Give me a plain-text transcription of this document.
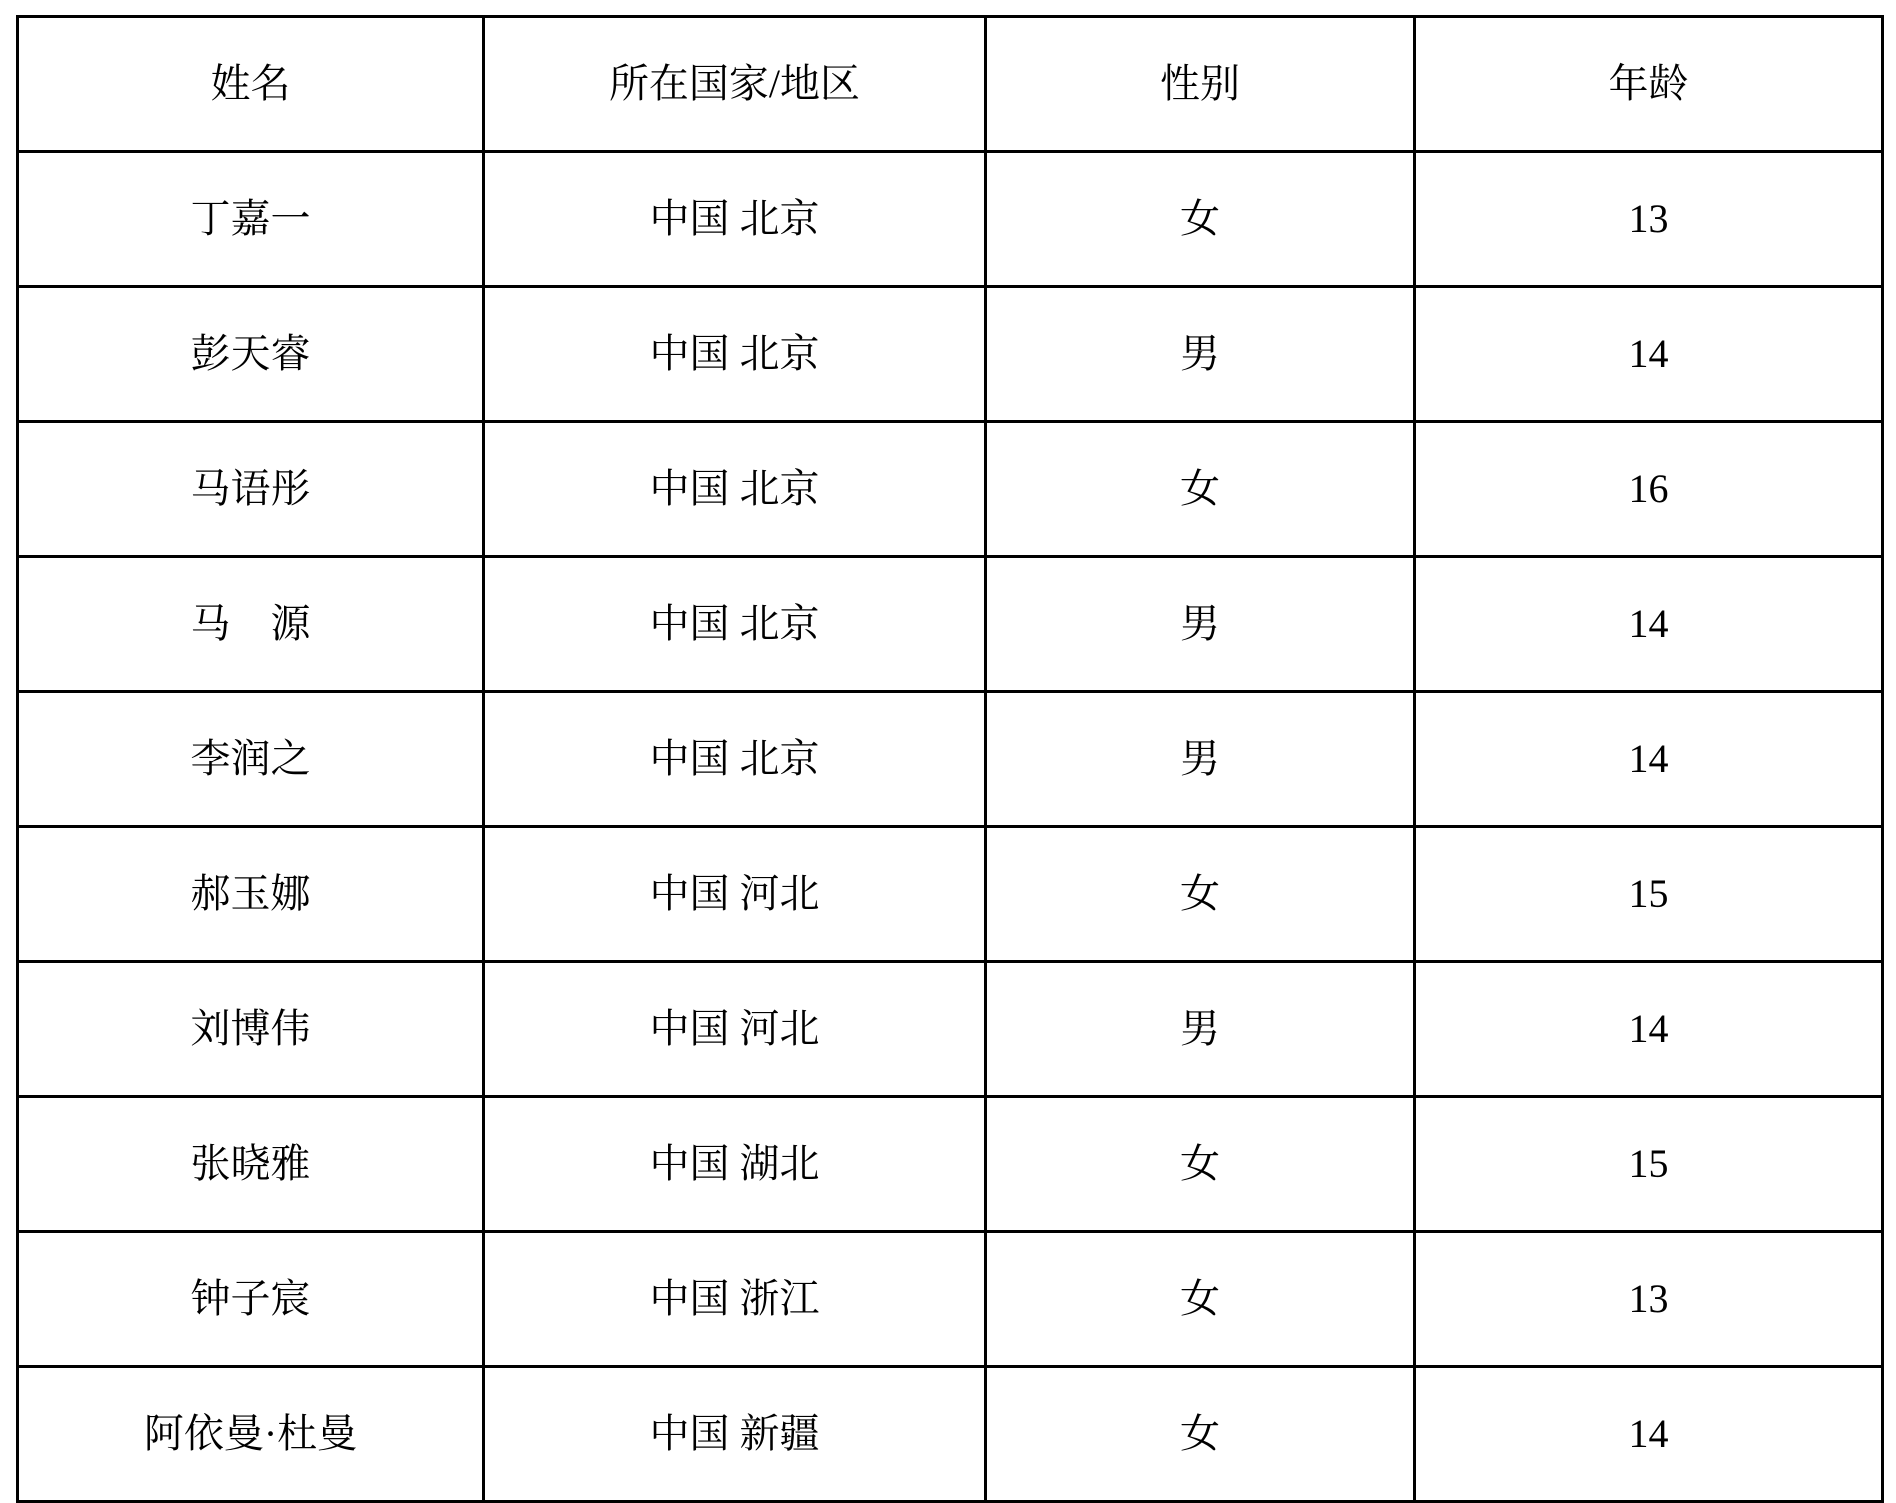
姓名	所在国家/地区	性别	年龄
丁嘉一	中国 北京	女	13
彭天睿	中国 北京	男	14
马语彤	中国 北京	女	16
马　源	中国 北京	男	14
李润之	中国 北京	男	14
郝玉娜	中国 河北	女	15
刘博伟	中国 河北	男	14
张晓雅	中国 湖北	女	15
钟子宸	中国 浙江	女	13
阿依曼·杜曼	中国 新疆	女	14
